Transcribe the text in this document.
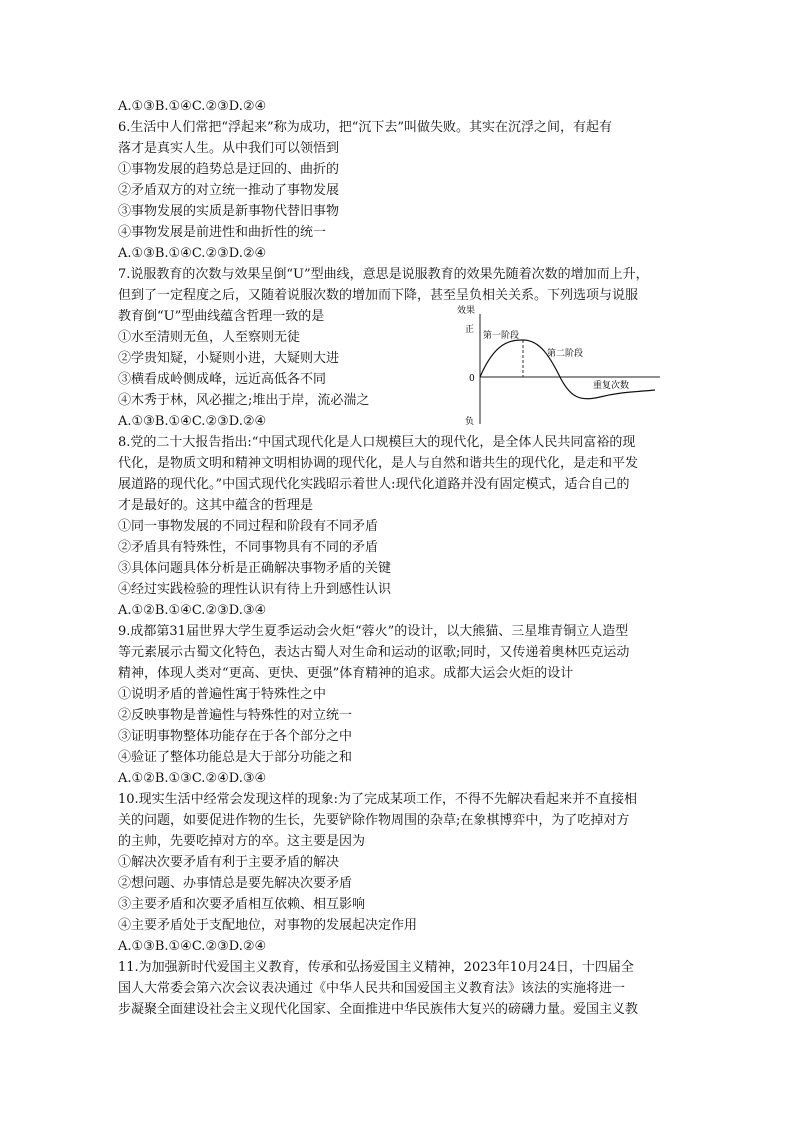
A.①③B.①④C.②③D.②④
6.生活中人们常把“浮起来”称为成功，把“沉下去”叫做失败。其实在沉浮之间，有起有
落才是真实人生。从中我们可以领悟到
①事物发展的趋势总是迂回的、曲折的
②矛盾双方的对立统一推动了事物发展
③事物发展的实质是新事物代替旧事物
④事物发展是前进性和曲折性的统一
A.①③B.①④C.②③D.②④
7.说服教育的次数与效果呈倒“U”型曲线，意思是说服教育的效果先随着次数的增加而上升，
但到了一定程度之后，又随着说服次数的增加而下降，甚至呈负相关关系。下列选项与说服
教育倒“U”型曲线蕴含哲理一致的是
①水至清则无鱼，人至察则无徒
②学贵知疑，小疑则小进，大疑则大进
③横看成岭侧成峰，远近高低各不同
④木秀于林，风必摧之;堆出于岸，流必湍之
A.①③B.①④C.②③D.②④
8.党的二十大报告指出:“中国式现代化是人口规模巨大的现代化，是全体人民共同富裕的现
代化，是物质文明和精神文明相协调的现代化，是人与自然和谐共生的现代化，是走和平发
展道路的现代化。”中国式现代化实践昭示着世人:现代化道路并没有固定模式，适合自己的
才是最好的。这其中蕴含的哲理是
①同一事物发展的不同过程和阶段有不同矛盾
②矛盾具有特殊性，不同事物具有不同的矛盾
③具体问题具体分析是正确解决事物矛盾的关键
④经过实践检验的理性认识有待上升到感性认识
A.①②B.①④C.②③D.③④
9.成都第31届世界大学生夏季运动会火炬“蓉火”的设计，以大熊猫、三星堆青铜立人造型
等元素展示古蜀文化特色，表达古蜀人对生命和运动的讴歌;同时，又传递着奥林匹克运动
精神，体现人类对“更高、更快、更强”体育精神的追求。成都大运会火炬的设计
①说明矛盾的普遍性寓于特殊性之中
②反映事物是普遍性与特殊性的对立统一
③证明事物整体功能存在于各个部分之中
④验证了整体功能总是大于部分功能之和
A.①②B.①③C.②④D.③④
10.现实生活中经常会发现这样的现象:为了完成某项工作，不得不先解决看起来并不直接相
关的问题，如要促进作物的生长，先要铲除作物周围的杂草;在象棋博弈中，为了吃掉对方
的主帅，先要吃掉对方的卒。这主要是因为
①解决次要矛盾有利于主要矛盾的解决
②想问题、办事情总是要先解决次要矛盾
③主要矛盾和次要矛盾相互依赖、相互影响
④主要矛盾处于支配地位，对事物的发展起决定作用
A.①③B.①④C.②③D.②④
11.为加强新时代爱国主义教育，传承和弘扬爱国主义精神，2023年10月24日，十四届全
国人大常委会第六次会议表决通过《中华人民共和国爱国主义教育法》该法的实施将进一
步凝聚全面建设社会主义现代化国家、全面推进中华民族伟大复兴的磅礴力量。爱国主义教
效果
正
0
负
第一阶段
第二阶段
重复次数
